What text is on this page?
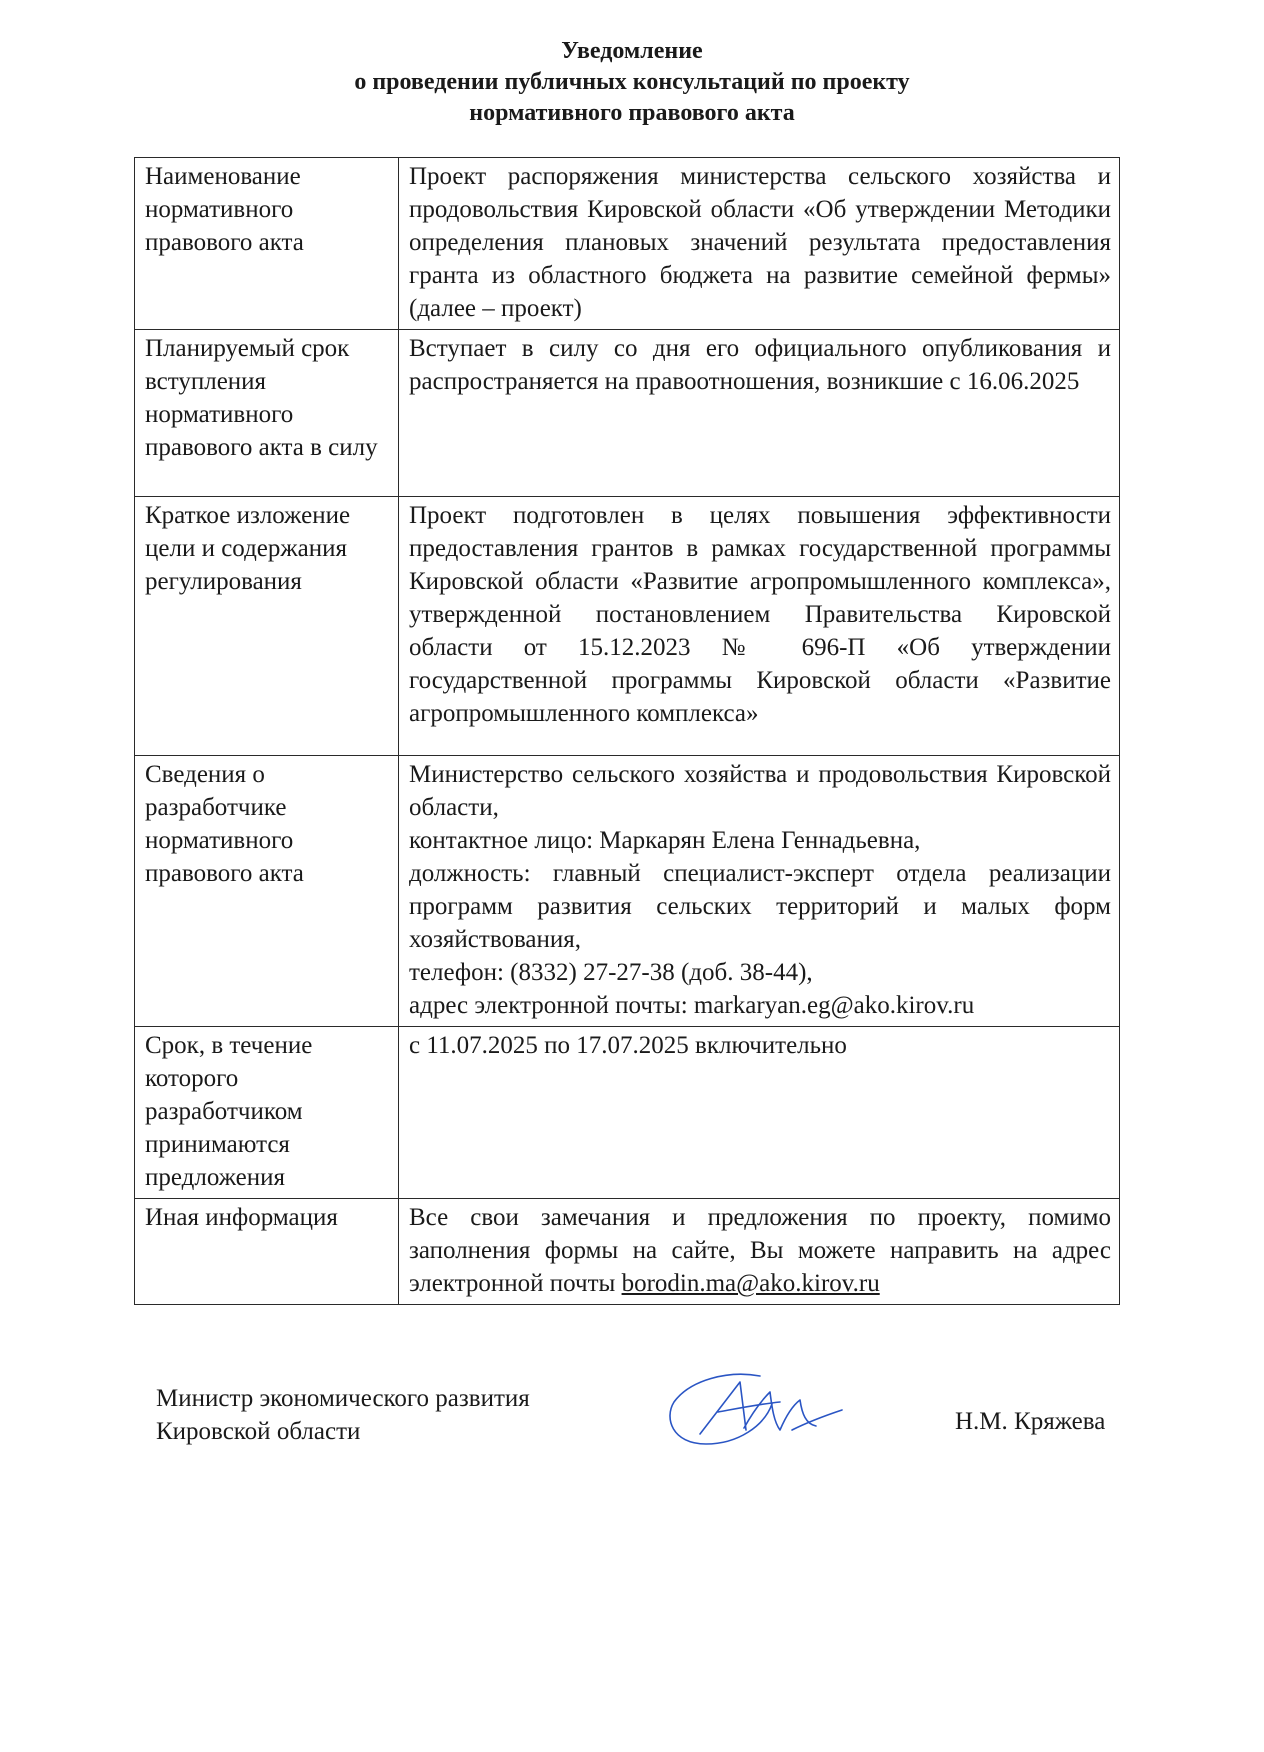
Уведомление
о проведении публичных консультаций по проекту
нормативного правового акта
Наименование нормативного правового акта	Проект распоряжения министерства сельского хозяйства и продовольствия Кировской области «Об утверждении Методики определения плановых значений результата предоставления гранта из областного бюджета на развитие семейной фермы» (далее – проект)
Планируемый срок вступления нормативного правового акта в силу	Вступает в силу со дня его официального опубликования и распространяется на правоотношения, возникшие с 16.06.2025
Краткое изложение цели и содержания регулирования	Проект подготовлен в целях повышения эффективности предоставления грантов в рамках государственной программы Кировской области «Развитие агропромышленного комплекса», утвержденной постановлением Правительства Кировской области от 15.12.2023 № 696-П «Об утверждении государственной программы Кировской области «Развитие агропромышленного комплекса»
Сведения о разработчике нормативного правового акта	Министерство сельского хозяйства и продовольствия Кировской области,
контактное лицо: Маркарян Елена Геннадьевна,
должность: главный специалист-эксперт отдела реализации программ развития сельских территорий и малых форм хозяйствования,
телефон: (8332) 27-27-38 (доб. 38-44),
адрес электронной почты: markaryan.eg@ako.kirov.ru

Срок, в течение которого разработчиком принимаются предложения	с 11.07.2025 по 17.07.2025 включительно
Иная информация	Все свои замечания и предложения по проекту, помимо заполнения формы на сайте, Вы можете направить на адрес электронной почты borodin.ma@ako.kirov.ru
Министр экономического развития
Кировской области	Н.М. Кряжева
